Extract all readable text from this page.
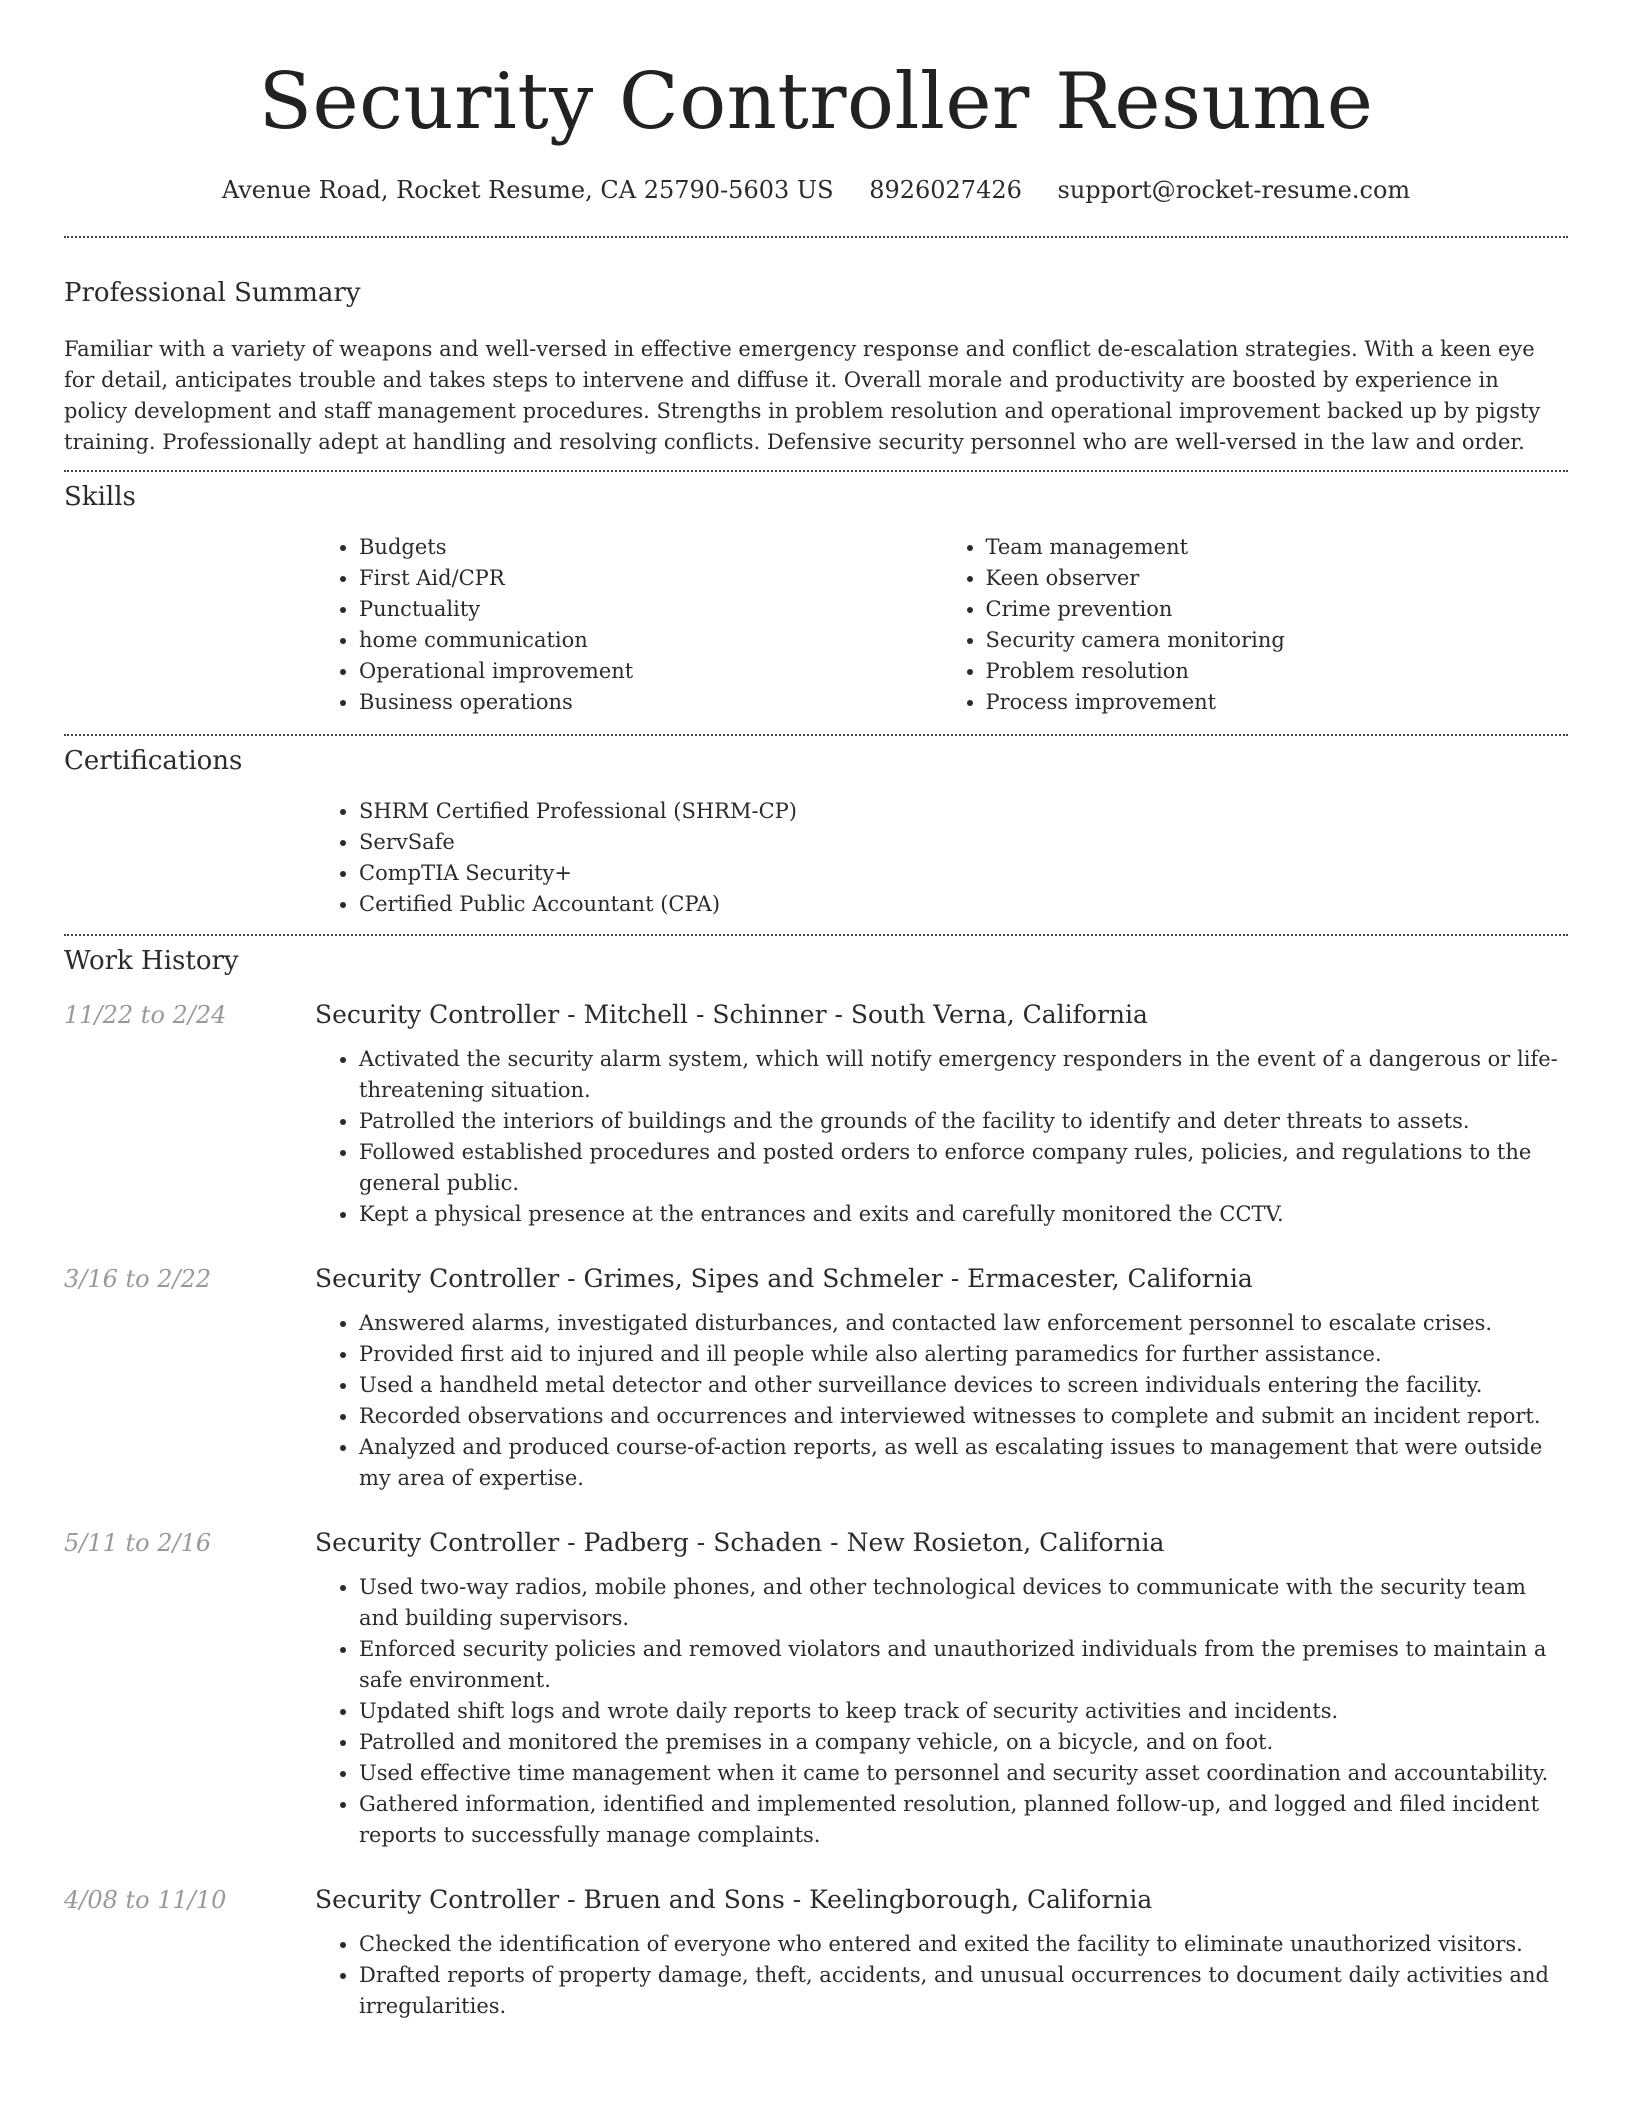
Security Controller Resume
Avenue Road, Rocket Resume, CA 25790-5603 US 8926027426 support@rocket-resume.com
Professional Summary

Familiar with a variety of weapons and well-versed in effective emergency response and conflict de-escalation strategies. With a keen eye for detail, anticipates trouble and takes steps to intervene and diffuse it. Overall morale and productivity are boosted by experience in policy development and staff management procedures. Strengths in problem resolution and operational improvement backed up by pigsty training. Professionally adept at handling and resolving conflicts. Defensive security personnel who are well-versed in the law and order.

Skills
• Budgets
• First Aid/CPR
• Punctuality
• home communication
• Operational improvement
• Business operations
• Team management
• Keen observer
• Crime prevention
• Security camera monitoring
• Problem resolution
• Process improvement
Certifications
• SHRM Certified Professional (SHRM-CP)
• ServSafe
• CompTIA Security+
• Certified Public Accountant (CPA)
Work History
11/22 to 2/24	Security Controller - Mitchell - Schinner - South Verna, California
• Activated the security alarm system, which will notify emergency responders in the event of a dangerous or life-threatening situation.
• Patrolled the interiors of buildings and the grounds of the facility to identify and deter threats to assets.
• Followed established procedures and posted orders to enforce company rules, policies, and regulations to the general public.
• Kept a physical presence at the entrances and exits and carefully monitored the CCTV.
3/16 to 2/22	Security Controller - Grimes, Sipes and Schmeler - Ermacester, California
• Answered alarms, investigated disturbances, and contacted law enforcement personnel to escalate crises.
• Provided first aid to injured and ill people while also alerting paramedics for further assistance.
• Used a handheld metal detector and other surveillance devices to screen individuals entering the facility.
• Recorded observations and occurrences and interviewed witnesses to complete and submit an incident report.
• Analyzed and produced course-of-action reports, as well as escalating issues to management that were outside my area of expertise.
5/11 to 2/16	Security Controller - Padberg - Schaden - New Rosieton, California
• Used two-way radios, mobile phones, and other technological devices to communicate with the security team and building supervisors.
• Enforced security policies and removed violators and unauthorized individuals from the premises to maintain a safe environment.
• Updated shift logs and wrote daily reports to keep track of security activities and incidents.
• Patrolled and monitored the premises in a company vehicle, on a bicycle, and on foot.
• Used effective time management when it came to personnel and security asset coordination and accountability.
• Gathered information, identified and implemented resolution, planned follow-up, and logged and filed incident reports to successfully manage complaints.
4/08 to 11/10	Security Controller - Bruen and Sons - Keelingborough, California
• Checked the identification of everyone who entered and exited the facility to eliminate unauthorized visitors.
• Drafted reports of property damage, theft, accidents, and unusual occurrences to document daily activities and irregularities.
